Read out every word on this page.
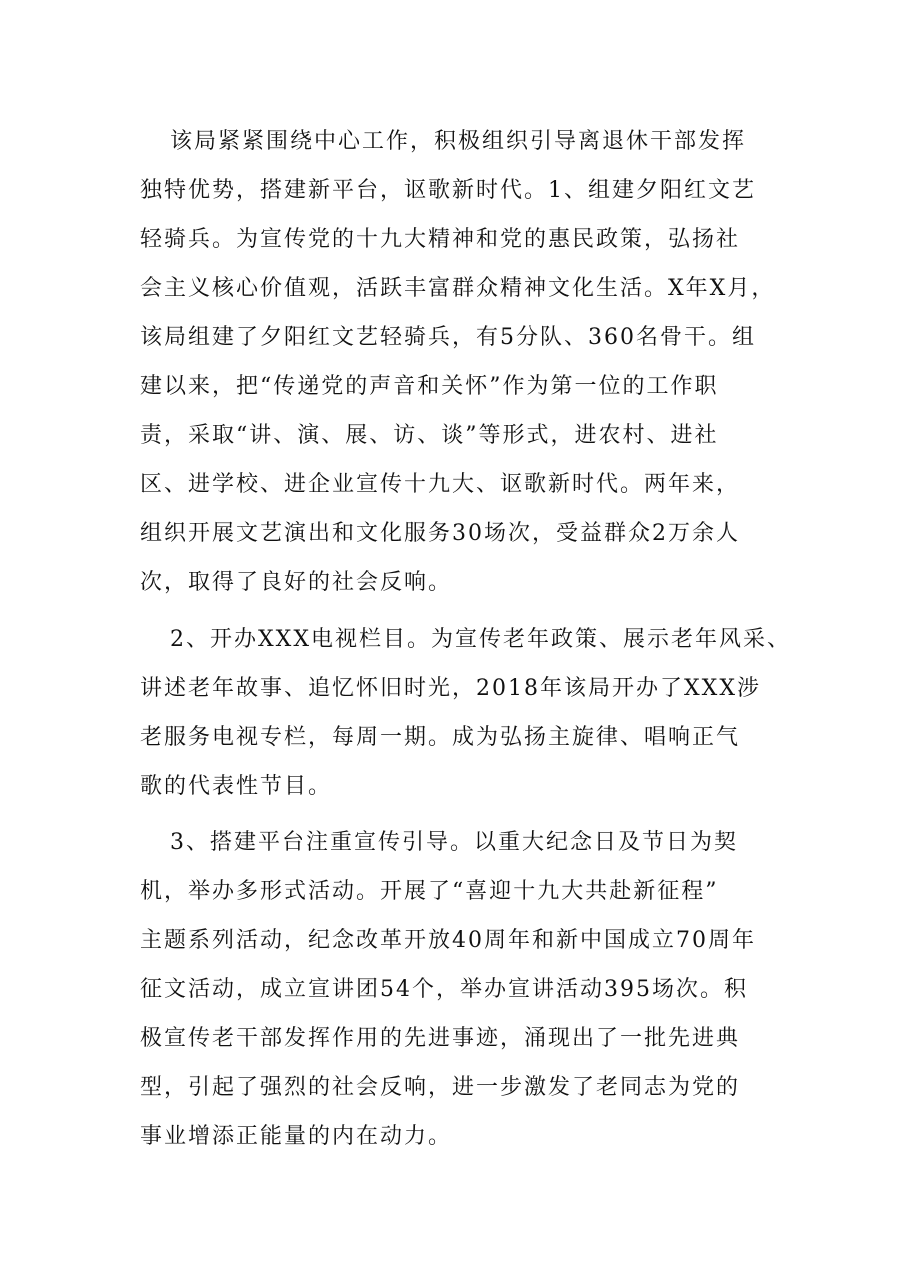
该局紧紧围绕中心工作，积极组织引导离退休干部发挥
独特优势，搭建新平台，讴歌新时代。1、组建夕阳红文艺
轻骑兵。为宣传党的十九大精神和党的惠民政策，弘扬社
会主义核心价值观，活跃丰富群众精神文化生活。X年X月，
该局组建了夕阳红文艺轻骑兵，有5分队、360名骨干。组
建以来，把“传递党的声音和关怀”作为第一位的工作职
责，采取“讲、演、展、访、谈”等形式，进农村、进社
区、进学校、进企业宣传十九大、讴歌新时代。两年来，
组织开展文艺演出和文化服务30场次，受益群众2万余人
次，取得了良好的社会反响。
2、开办XXX电视栏目。为宣传老年政策、展示老年风采、
讲述老年故事、追忆怀旧时光，2018年该局开办了XXX涉
老服务电视专栏，每周一期。成为弘扬主旋律、唱响正气
歌的代表性节目。
3、搭建平台注重宣传引导。以重大纪念日及节日为契
机，举办多形式活动。开展了“喜迎十九大共赴新征程”
主题系列活动，纪念改革开放40周年和新中国成立70周年
征文活动，成立宣讲团54个，举办宣讲活动395场次。积
极宣传老干部发挥作用的先进事迹，涌现出了一批先进典
型，引起了强烈的社会反响，进一步激发了老同志为党的
事业增添正能量的内在动力。
